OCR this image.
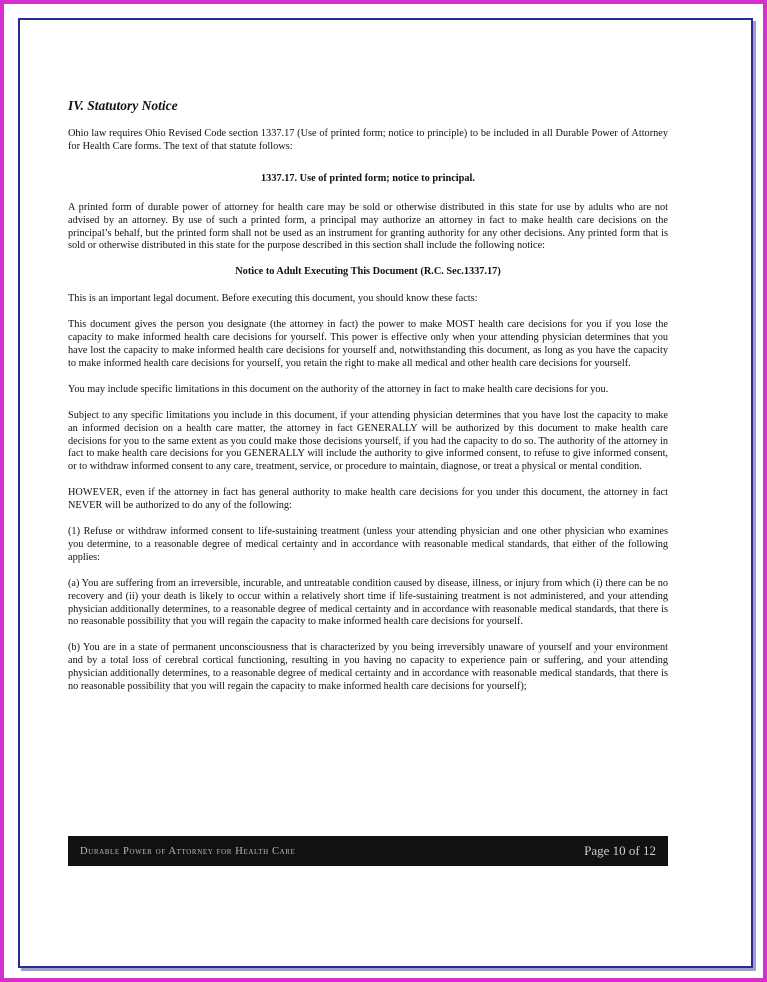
IV. Statutory Notice

Ohio law requires Ohio Revised Code section 1337.17 (Use of printed form; notice to principle) to be included in all Durable Power of Attorney for Health Care forms. The text of that statute follows:

1337.17. Use of printed form; notice to principal.

A printed form of durable power of attorney for health care may be sold or otherwise distributed in this state for use by adults who are not advised by an attorney. By use of such a printed form, a principal may authorize an attorney in fact to make health care decisions on the principal’s behalf, but the printed form shall not be used as an instrument for granting authority for any other decisions. Any printed form that is sold or otherwise distributed in this state for the purpose described in this section shall include the following notice:

Notice to Adult Executing This Document (R.C. Sec.1337.17)

This is an important legal document. Before executing this document, you should know these facts:

This document gives the person you designate (the attorney in fact) the power to make MOST health care decisions for you if you lose the capacity to make informed health care decisions for yourself. This power is effective only when your attending physician determines that you have lost the capacity to make informed health care decisions for yourself and, notwithstanding this document, as long as you have the capacity to make informed health care decisions for yourself, you retain the right to make all medical and other health care decisions for yourself.

You may include specific limitations in this document on the authority of the attorney in fact to make health care decisions for you.

Subject to any specific limitations you include in this document, if your attending physician determines that you have lost the capacity to make an informed decision on a health care matter, the attorney in fact GENERALLY will be authorized by this document to make health care decisions for you to the same extent as you could make those decisions yourself, if you had the capacity to do so. The authority of the attorney in fact to make health care decisions for you GENERALLY will include the authority to give informed consent, to refuse to give informed consent, or to withdraw informed consent to any care, treatment, service, or procedure to maintain, diagnose, or treat a physical or mental condition.

HOWEVER, even if the attorney in fact has general authority to make health care decisions for you under this document, the attorney in fact NEVER will be authorized to do any of the following:

(1) Refuse or withdraw informed consent to life-sustaining treatment (unless your attending physician and one other physician who examines you determine, to a reasonable degree of medical certainty and in accordance with reasonable medical standards, that either of the following applies:

(a) You are suffering from an irreversible, incurable, and untreatable condition caused by disease, illness, or injury from which (i) there can be no recovery and (ii) your death is likely to occur within a relatively short time if life-sustaining treatment is not administered, and your attending physician additionally determines, to a reasonable degree of medical certainty and in accordance with reasonable medical standards, that there is no reasonable possibility that you will regain the capacity to make informed health care decisions for yourself.

(b) You are in a state of permanent unconsciousness that is characterized by you being irreversibly unaware of yourself and your environment and by a total loss of cerebral cortical functioning, resulting in you having no capacity to experience pain or suffering, and your attending physician additionally determines, to a reasonable degree of medical certainty and in accordance with reasonable medical standards, that there is no reasonable possibility that you will regain the capacity to make informed health care decisions for yourself);

Durable Power of Attorney for Health Care	Page 10 of 12
